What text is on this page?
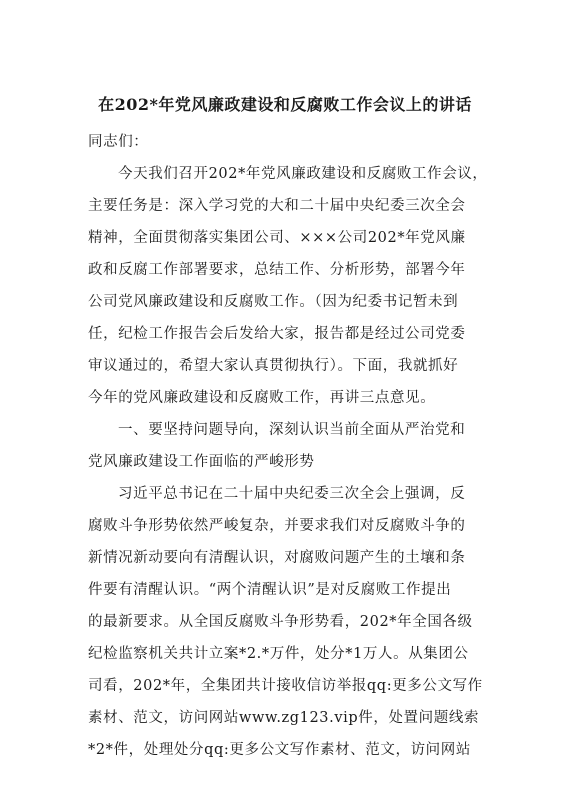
在202*年党风廉政建设和反腐败工作会议上的讲话
同志们：
今天我们召开202*年党风廉政建设和反腐败工作会议，
主要任务是：深入学习党的大和二十届中央纪委三次全会
精神，全面贯彻落实集团公司、×××公司202*年党风廉
政和反腐工作部署要求，总结工作、分析形势，部署今年
公司党风廉政建设和反腐败工作。（因为纪委书记暂未到
任，纪检工作报告会后发给大家，报告都是经过公司党委
审议通过的，希望大家认真贯彻执行）。下面，我就抓好
今年的党风廉政建设和反腐败工作，再讲三点意见。
一、要坚持问题导向，深刻认识当前全面从严治党和
党风廉政建设工作面临的严峻形势
习近平总书记在二十届中央纪委三次全会上强调，反
腐败斗争形势依然严峻复杂，并要求我们对反腐败斗争的
新情况新动要向有清醒认识，对腐败问题产生的土壤和条
件要有清醒认识。“两个清醒认识”是对反腐败工作提出
的最新要求。从全国反腐败斗争形势看，202*年全国各级
纪检监察机关共计立案*2.*万件，处分*1万人。从集团公
司看，202*年，全集团共计接收信访举报qq:更多公文写作
素材、范文，访问网站www.zg123.vip件，处置问题线索
*2*件，处理处分qq:更多公文写作素材、范文，访问网站
